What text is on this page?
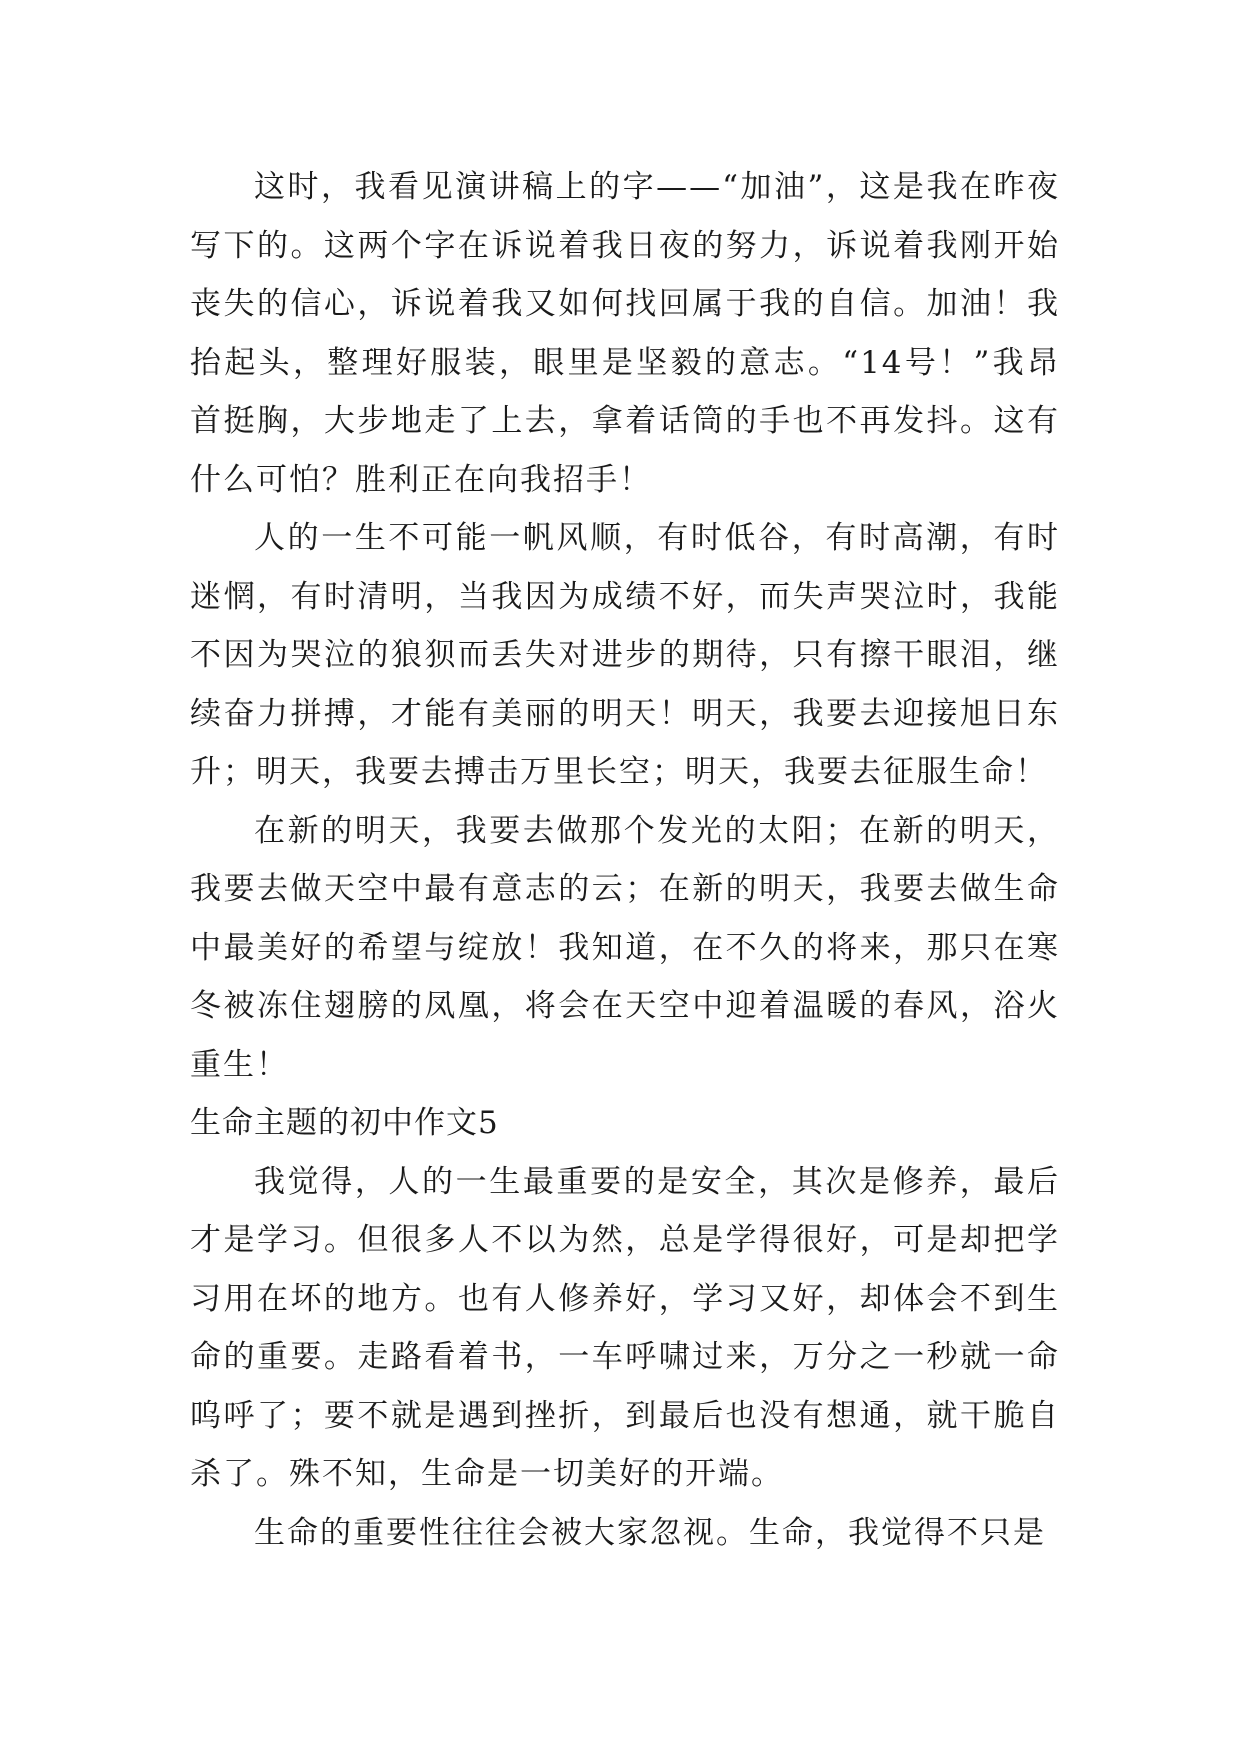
这时，我看见演讲稿上的字——“加油”，这是我在昨夜写下的。这两个字在诉说着我日夜的努力，诉说着我刚开始丧失的信心，诉说着我又如何找回属于我的自信。加油！我抬起头，整理好服装，眼里是坚毅的意志。“14号！”我昂首挺胸，大步地走了上去，拿着话筒的手也不再发抖。这有什么可怕？胜利正在向我招手！

人的一生不可能一帆风顺，有时低谷，有时高潮，有时迷惘，有时清明，当我因为成绩不好，而失声哭泣时，我能不因为哭泣的狼狈而丢失对进步的期待，只有擦干眼泪，继续奋力拼搏，才能有美丽的明天！明天，我要去迎接旭日东升；明天，我要去搏击万里长空；明天，我要去征服生命！

在新的明天，我要去做那个发光的太阳；在新的明天，我要去做天空中最有意志的云；在新的明天，我要去做生命中最美好的希望与绽放！我知道，在不久的将来，那只在寒冬被冻住翅膀的凤凰，将会在天空中迎着温暖的春风，浴火重生！

生命主题的初中作文5

我觉得，人的一生最重要的是安全，其次是修养，最后才是学习。但很多人不以为然，总是学得很好，可是却把学习用在坏的地方。也有人修养好，学习又好，却体会不到生命的重要。走路看着书，一车呼啸过来，万分之一秒就一命呜呼了；要不就是遇到挫折，到最后也没有想通，就干脆自杀了。殊不知，生命是一切美好的开端。

生命的重要性往往会被大家忽视。生命，我觉得不只是
